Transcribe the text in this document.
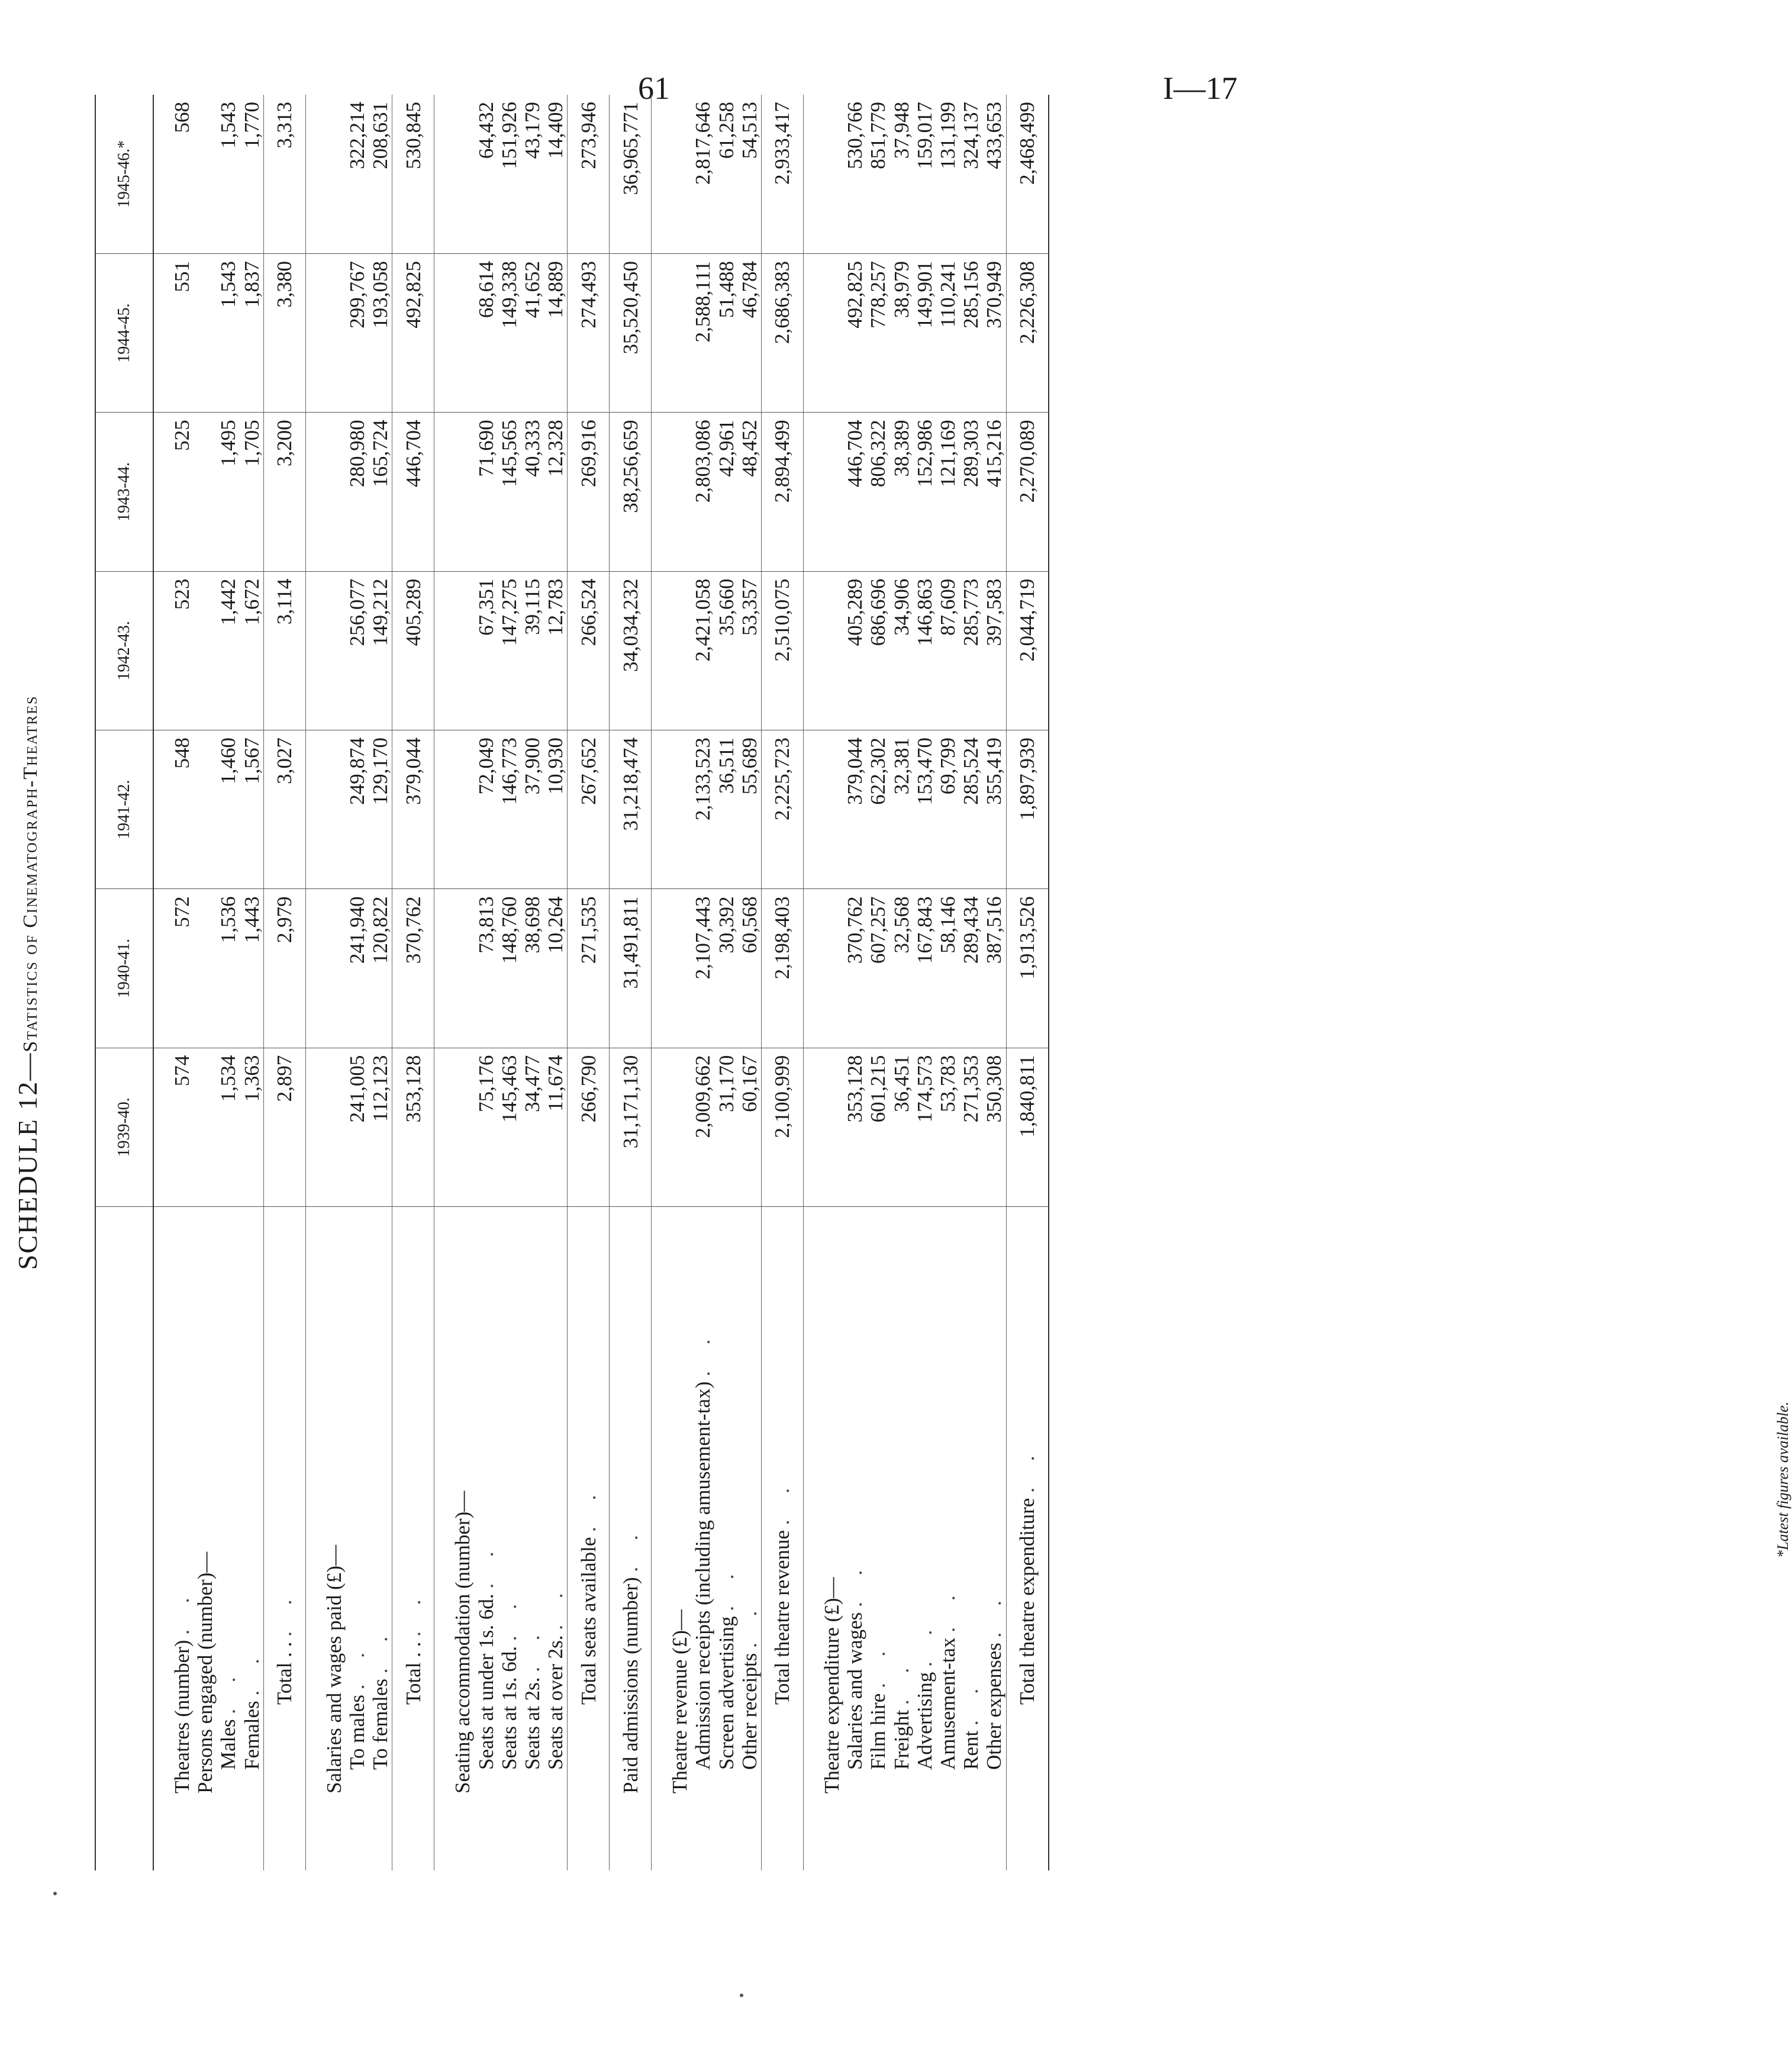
61	I—17
SCHEDULE 12—Statistics of Cinematograph-Theatres
	1939-40.	1940-41.	1941-42.	1942-43.	1943-44.	1944-45.	1945-46.*

Theatres (number) . .	574	572	548	523	525	551	568
Persons engaged (number)—							
Males . .	1,534	1,536	1,460	1,442	1,495	1,543	1,543
Females . .	1,363	1,443	1,567	1,672	1,705	1,837	1,770
Total . . . .	2,897	2,979	3,027	3,114	3,200	3,380	3,313

Salaries and wages paid (£)—							
To males . .	241,005	241,940	249,874	256,077	280,980	299,767	322,214
To females . .	112,123	120,822	129,170	149,212	165,724	193,058	208,631
Total . . . .	353,128	370,762	379,044	405,289	446,704	492,825	530,845

Seating accommodation (number)—							
Seats at under 1s. 6d. . .	75,176	73,813	72,049	67,351	71,690	68,614	64,432
Seats at 1s. 6d. . .	145,463	148,760	146,773	147,275	145,565	149,338	151,926
Seats at 2s. . .	34,477	38,698	37,900	39,115	40,333	41,652	43,179
Seats at over 2s. . .	11,674	10,264	10,930	12,783	12,328	14,889	14,409
Total seats available . .	266,790	271,535	267,652	266,524	269,916	274,493	273,946
Paid admissions (number) . .	31,171,130	31,491,811	31,218,474	34,034,232	38,256,659	35,520,450	36,965,771

Theatre revenue (£)—							
Admission receipts (including amusement-tax) . .	2,009,662	2,107,443	2,133,523	2,421,058	2,803,086	2,588,111	2,817,646
Screen advertising . .	31,170	30,392	36,511	35,660	42,961	51,488	61,258
Other receipts . .	60,167	60,568	55,689	53,357	48,452	46,784	54,513
Total theatre revenue . .	2,100,999	2,198,403	2,225,723	2,510,075	2,894,499	2,686,383	2,933,417

Theatre expenditure (£)—							
Salaries and wages . .	353,128	370,762	379,044	405,289	446,704	492,825	530,766
Film hire . .	601,215	607,257	622,302	686,696	806,322	778,257	851,779
Freight . .	36,451	32,568	32,381	34,906	38,389	38,979	37,948
Advertising . .	174,573	167,843	153,470	146,863	152,986	149,901	159,017
Amusement-tax . .	53,783	58,146	69,799	87,609	121,169	110,241	131,199
Rent . .	271,353	289,434	285,524	285,773	289,303	285,156	324,137
Other expenses . .	350,308	387,516	355,419	397,583	415,216	370,949	433,653
Total theatre expenditure . .	1,840,811	1,913,526	1,897,939	2,044,719	2,270,089	2,226,308	2,468,499
*Latest figures available.
